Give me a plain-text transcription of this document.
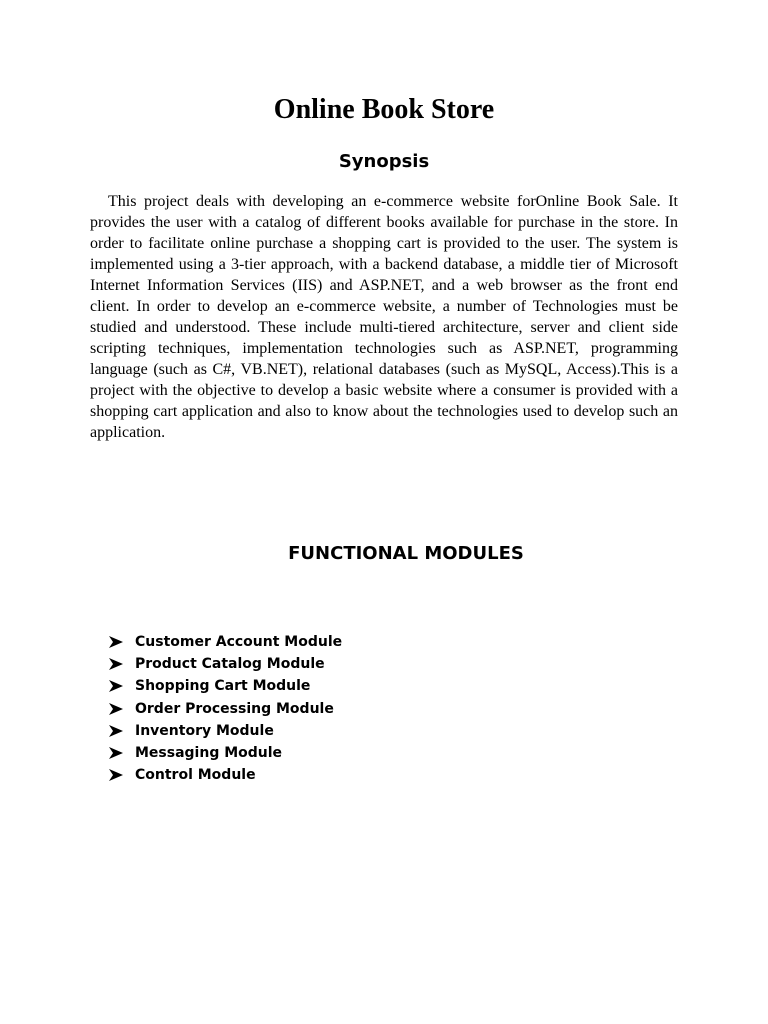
Online Book Store
Synopsis

This project deals with developing an e-commerce website forOnline Book Sale. It provides the user with a catalog of different books available for purchase in the store. In order to facilitate online purchase a shopping cart is provided to the user. The system is implemented using a 3-tier approach, with a backend database, a middle tier of Microsoft Internet Information Services (IIS) and ASP.NET, and a web browser as the front end client. In order to develop an e-commerce website, a number of Technologies must be studied and understood. These include multi-tiered architecture, server and client side scripting techniques, implementation technologies such as ASP.NET, programming language (such as C#, VB.NET), relational databases (such as MySQL, Access).This is a project with the objective to develop a basic website where a consumer is provided with a shopping cart application and also to know about the technologies used to develop such an application.

FUNCTIONAL MODULES
Customer Account Module
Product Catalog Module
Shopping Cart Module
Order Processing Module
Inventory Module
Messaging Module
Control Module
